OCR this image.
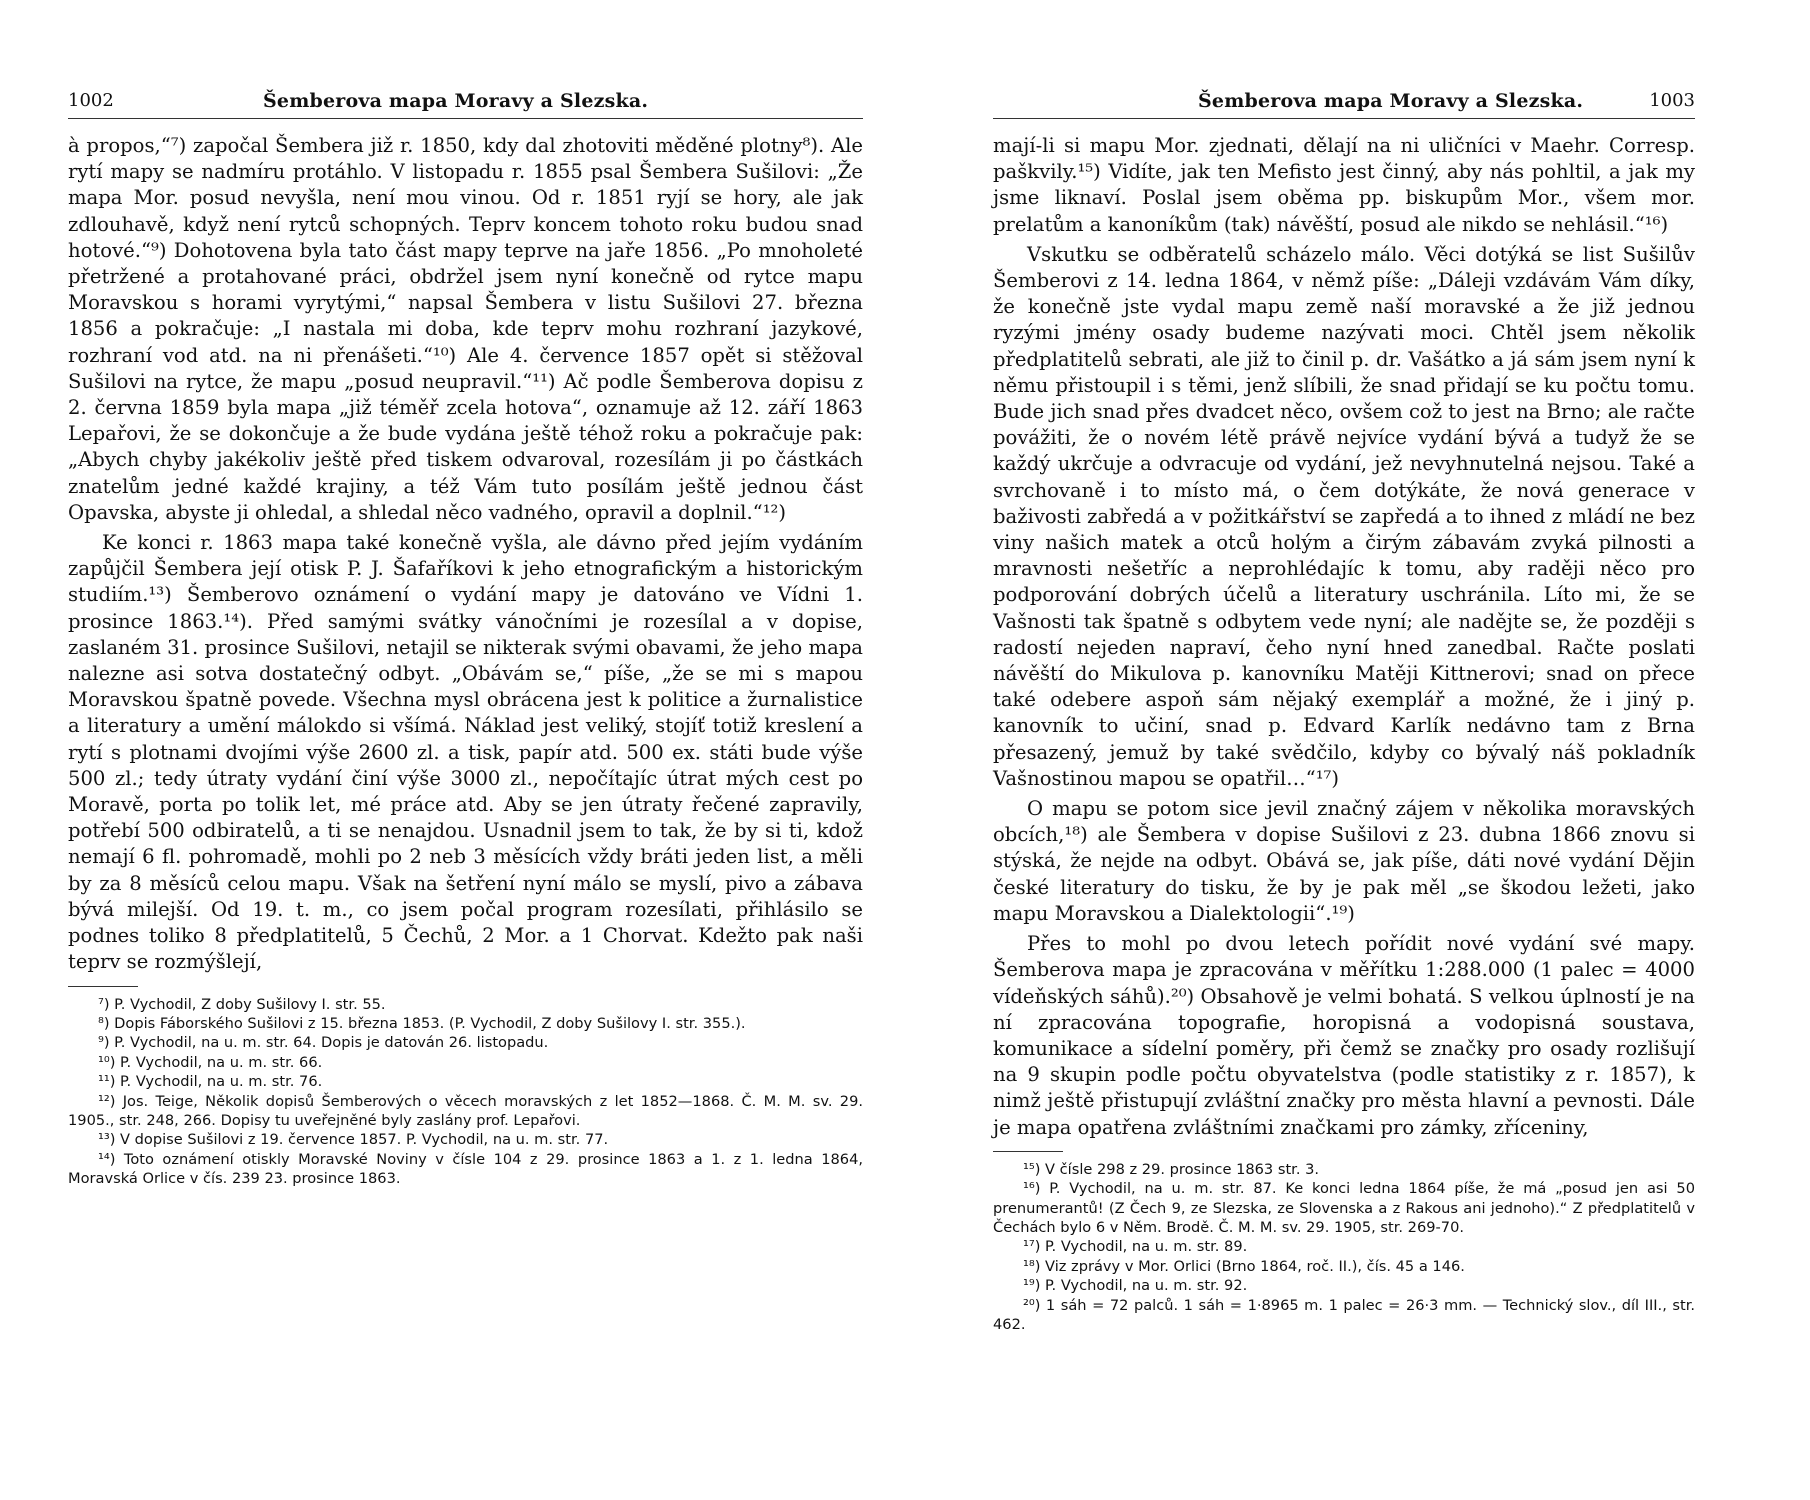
1002	Šemberova mapa Moravy a Slezska.

à propos,“⁷) započal Šembera již r. 1850, kdy dal zhotoviti měděné plotny⁸). Ale rytí mapy se nadmíru protáhlo. V listopadu r. 1855 psal Šembera Sušilovi: „Že mapa Mor. posud nevyšla, není mou vinou. Od r. 1851 ryjí se hory, ale jak zdlouhavě, když není rytců schopných. Teprv koncem tohoto roku budou snad hotové.“⁹) Dohotovena byla tato část mapy teprve na jaře 1856. „Po mnoholeté přetržené a protahované práci, obdržel jsem nyní konečně od rytce mapu Moravskou s horami vyrytými,“ napsal Šembera v listu Sušilovi 27. března 1856 a pokračuje: „I nastala mi doba, kde teprv mohu rozhraní jazykové, rozhraní vod atd. na ni přenášeti.“¹⁰) Ale 4. července 1857 opět si stěžoval Sušilovi na rytce, že mapu „posud neupravil.“¹¹) Ač podle Šemberova dopisu z 2. června 1859 byla mapa „již téměř zcela hotova“, oznamuje až 12. září 1863 Lepařovi, že se dokončuje a že bude vydána ještě téhož roku a pokračuje pak: „Abych chyby jakékoliv ještě před tiskem odvaroval, rozesílám ji po částkách znatelům jedné každé krajiny, a též Vám tuto posílám ještě jednou část Opavska, abyste ji ohledal, a shledal něco vadného, opravil a doplnil.“¹²)

Ke konci r. 1863 mapa také konečně vyšla, ale dávno před jejím vydáním zapůjčil Šembera její otisk P. J. Šafaříkovi k jeho etnografickým a historickým studiím.¹³) Šemberovo oznámení o vydání mapy je datováno ve Vídni 1. prosince 1863.¹⁴). Před samými svátky vánočními je rozesílal a v dopise, zaslaném 31. prosince Sušilovi, netajil se nikterak svými obavami, že jeho mapa nalezne asi sotva dostatečný odbyt. „Obávám se,“ píše, „že se mi s mapou Moravskou špatně povede. Všechna mysl obrácena jest k politice a žurnalistice a literatury a umění málokdo si všímá. Náklad jest veliký, stojíť totiž kreslení a rytí s plotnami dvojími výše 2600 zl. a tisk, papír atd. 500 ex. státi bude výše 500 zl.; tedy útraty vydání činí výše 3000 zl., nepočítajíc útrat mých cest po Moravě, porta po tolik let, mé práce atd. Aby se jen útraty řečené zapravily, potřebí 500 odbiratelů, a ti se nenajdou. Usnadnil jsem to tak, že by si ti, kdož nemají 6 fl. pohromadě, mohli po 2 neb 3 měsících vždy bráti jeden list, a měli by za 8 měsíců celou mapu. Však na šetření nyní málo se myslí, pivo a zábava bývá milejší. Od 19. t. m., co jsem počal program rozesílati, přihlásilo se podnes toliko 8 předplatitelů, 5 Čechů, 2 Mor. a 1 Chorvat. Kdežto pak naši teprv se rozmýšlejí,

⁷) P. Vychodil, Z doby Sušilovy I. str. 55.
⁸) Dopis Fáborského Sušilovi z 15. března 1853. (P. Vychodil, Z doby Sušilovy I. str. 355.).
⁹) P. Vychodil, na u. m. str. 64. Dopis je datován 26. listopadu.
¹⁰) P. Vychodil, na u. m. str. 66.
¹¹) P. Vychodil, na u. m. str. 76.
¹²) Jos. Teige, Několik dopisů Šemberových o věcech moravských z let 1852—1868. Č. M. M. sv. 29. 1905., str. 248, 266. Dopisy tu uveřejněné byly zaslány prof. Lepařovi.
¹³) V dopise Sušilovi z 19. července 1857. P. Vychodil, na u. m. str. 77.
¹⁴) Toto oznámení otiskly Moravské Noviny v čísle 104 z 29. prosince 1863 a 1. z 1. ledna 1864, Moravská Orlice v čís. 239 23. prosince 1863.
Šemberova mapa Moravy a Slezska.	1003

mají-li si mapu Mor. zjednati, dělají na ni uličníci v Maehr. Corresp. paškvily.¹⁵) Vidíte, jak ten Mefisto jest činný, aby nás pohltil, a jak my jsme liknaví. Poslal jsem oběma pp. biskupům Mor., všem mor. prelatům a kanoníkům (tak) návěští, posud ale nikdo se nehlásil.“¹⁶)

Vskutku se odběratelů scházelo málo. Věci dotýká se list Sušilův Šemberovi z 14. ledna 1864, v němž píše: „Dáleji vzdávám Vám díky, že konečně jste vydal mapu země naší moravské a že již jednou ryzými jmény osady budeme nazývati moci. Chtěl jsem několik předplatitelů sebrati, ale již to činil p. dr. Vašátko a já sám jsem nyní k němu přistoupil i s těmi, jenž slíbili, že snad přidají se ku počtu tomu. Bude jich snad přes dvadcet něco, ovšem což to jest na Brno; ale račte povážiti, že o novém létě právě nejvíce vydání bývá a tudyž že se každý ukrčuje a odvracuje od vydání, jež nevyhnutelná nejsou. Také a svrchovaně i to místo má, o čem dotýkáte, že nová generace v baživosti zabředá a v požitkářství se zapředá a to ihned z mládí ne bez viny našich matek a otců holým a čirým zábavám zvyká pilnosti a mravnosti nešetříc a neprohlédajíc k tomu, aby raději něco pro podporování dobrých účelů a literatury uschránila. Líto mi, že se Vašnosti tak špatně s odbytem vede nyní; ale nadějte se, že později s radostí nejeden napraví, čeho nyní hned zanedbal. Račte poslati návěští do Mikulova p. kanovníku Matěji Kittnerovi; snad on přece také odebere aspoň sám nějaký exemplář a možné, že i jiný p. kanovník to učiní, snad p. Edvard Karlík nedávno tam z Brna přesazený, jemuž by také svědčilo, kdyby co bývalý náš pokladník Vašnostinou mapou se opatřil…“¹⁷)

O mapu se potom sice jevil značný zájem v několika moravských obcích,¹⁸) ale Šembera v dopise Sušilovi z 23. dubna 1866 znovu si stýská, že nejde na odbyt. Obává se, jak píše, dáti nové vydání Dějin české literatury do tisku, že by je pak měl „se škodou ležeti, jako mapu Moravskou a Dialektologii“.¹⁹)

Přes to mohl po dvou letech pořídit nové vydání své mapy. Šemberova mapa je zpracována v měřítku 1:288.000 (1 palec = 4000 vídeňských sáhů).²⁰) Obsahově je velmi bohatá. S velkou úplností je na ní zpracována topografie, horopisná a vodopisná soustava, komunikace a sídelní poměry, při čemž se značky pro osady rozlišují na 9 skupin podle počtu obyvatelstva (podle statistiky z r. 1857), k nimž ještě přistupují zvláštní značky pro města hlavní a pevnosti. Dále je mapa opatřena zvláštními značkami pro zámky, zříceniny,

¹⁵) V čísle 298 z 29. prosince 1863 str. 3.
¹⁶) P. Vychodil, na u. m. str. 87. Ke konci ledna 1864 píše, že má „posud jen asi 50 prenumerantů! (Z Čech 9, ze Slezska, ze Slovenska a z Rakous ani jednoho).“ Z předplatitelů v Čechách bylo 6 v Něm. Brodě. Č. M. M. sv. 29. 1905, str. 269-70.
¹⁷) P. Vychodil, na u. m. str. 89.
¹⁸) Viz zprávy v Mor. Orlici (Brno 1864, roč. II.), čís. 45 a 146.
¹⁹) P. Vychodil, na u. m. str. 92.
²⁰) 1 sáh = 72 palců. 1 sáh = 1·8965 m. 1 palec = 26·3 mm. — Technický slov., díl III., str. 462.
